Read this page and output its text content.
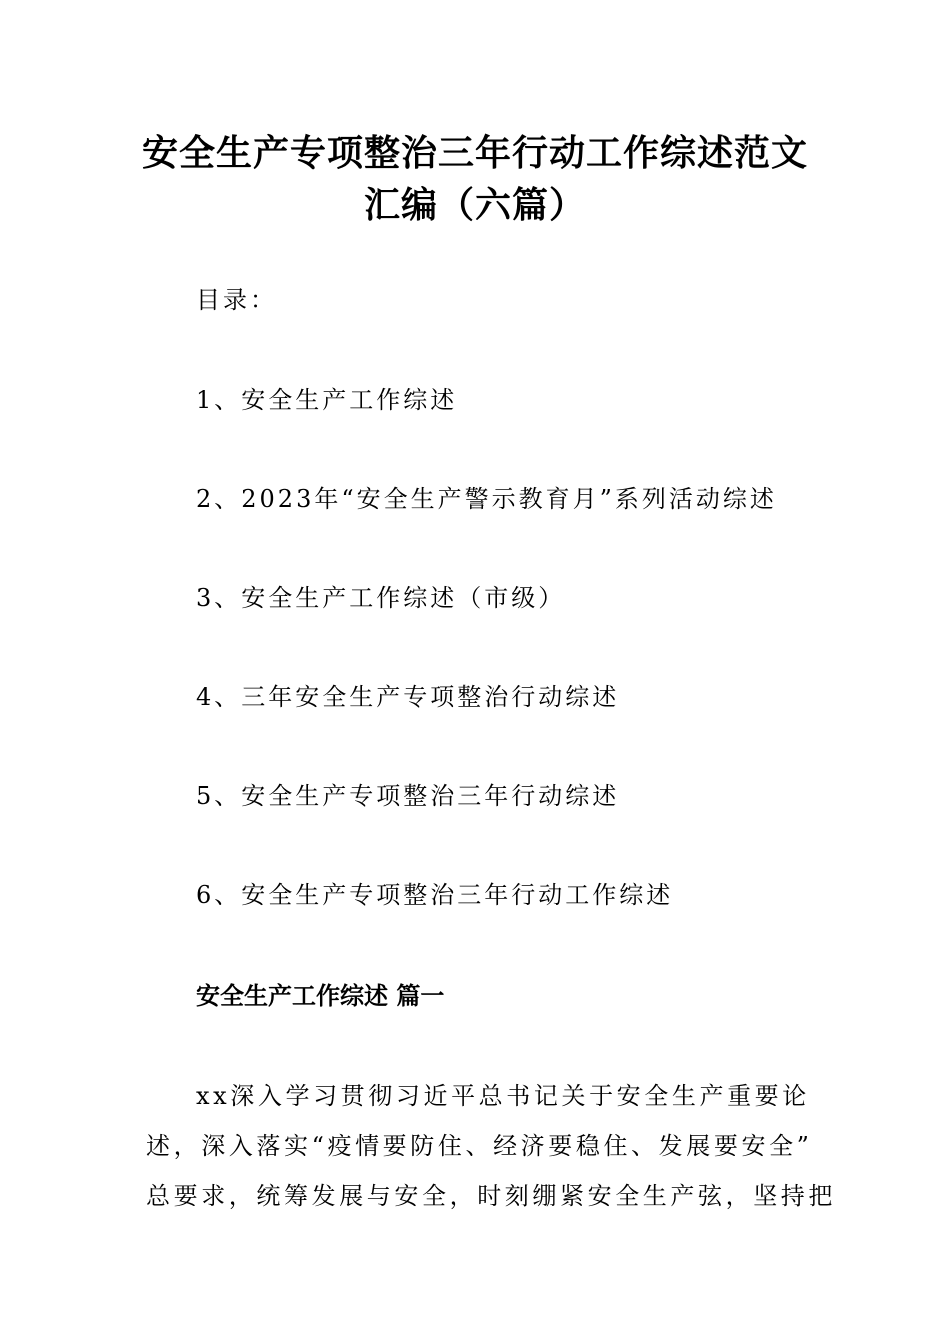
安全生产专项整治三年行动工作综述范文
汇编（六篇）
目录：
1、安全生产工作综述
2、2023年“安全生产警示教育月”系列活动综述
3、安全生产工作综述（市级）
4、三年安全生产专项整治行动综述
5、安全生产专项整治三年行动综述
6、安全生产专项整治三年行动工作综述
安全生产工作综述 篇一
xx深入学习贯彻习近平总书记关于安全生产重要论
述，深入落实“疫情要防住、经济要稳住、发展要安全”
总要求，统筹发展与安全，时刻绷紧安全生产弦，坚持把
